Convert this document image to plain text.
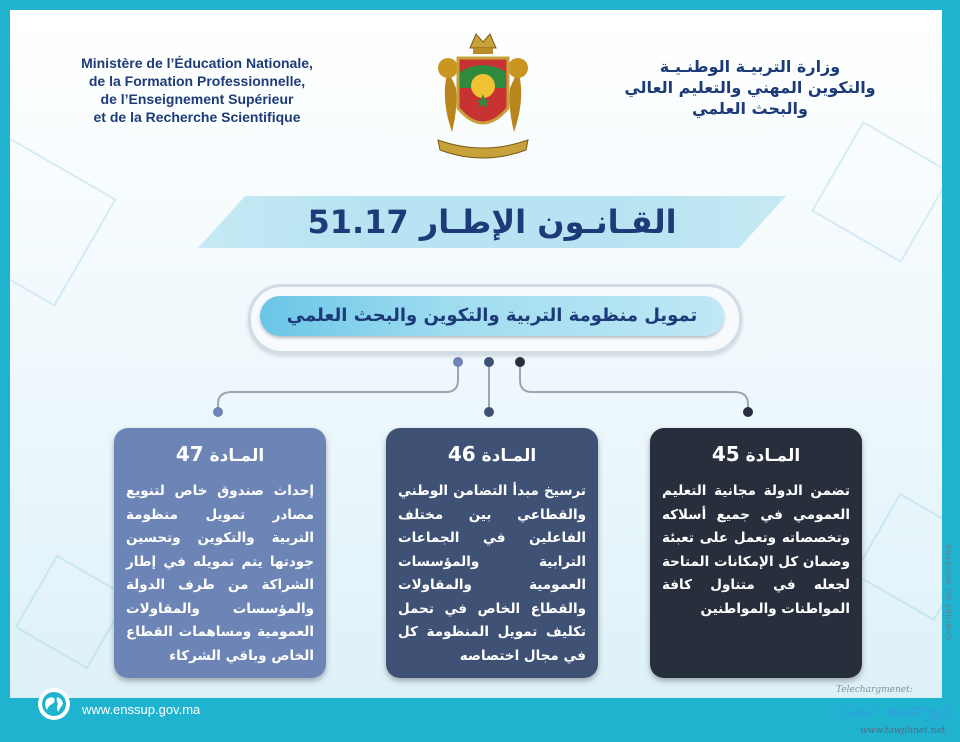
Ministère de l’Éducation Nationale,
de la Formation Professionnelle,
de l’Enseignement Supérieur
et de la Recherche Scientifique
وزارة التربيـة الوطنـيـة
والتكوين المهني والتعليم العالي
والبحث العلمي
القـانـون الإطـار 51.17
تمويل منظومة التربية والتكوين والبحث العلمي
المـادة 47
إحداث صندوق خاص لتنويع مصادر تمويل منظومة التربية والتكوين وتحسين جودتها يتم تمويله في إطار الشراكة من طرف الدولة والمؤسسات والمقاولات العمومية ومساهمات القطاع الخاص وباقي الشركاء
المـادة 46
ترسيخ مبدأ التضامن الوطني والقطاعي بين مختلف الفاعلين في الجماعات الترابية والمؤسسات العمومية والمقاولات والقطاع الخاص في تحمل تكليف تمويل المنظومة كل في مجال اختصاصه
المـادة 45
تضمن الدولة مجانية التعليم العمومي في جميع أسلاكه وتخصصاته وتعمل على تعبئة وضمان كل الإمكانات المتاحة لجعله في متناول كافة المواطنات والمواطنين	CABINET DU MINISTRE
www.enssup.gov.ma
Telechargmenet:
توجيه نت
www.tawjihnet.net
